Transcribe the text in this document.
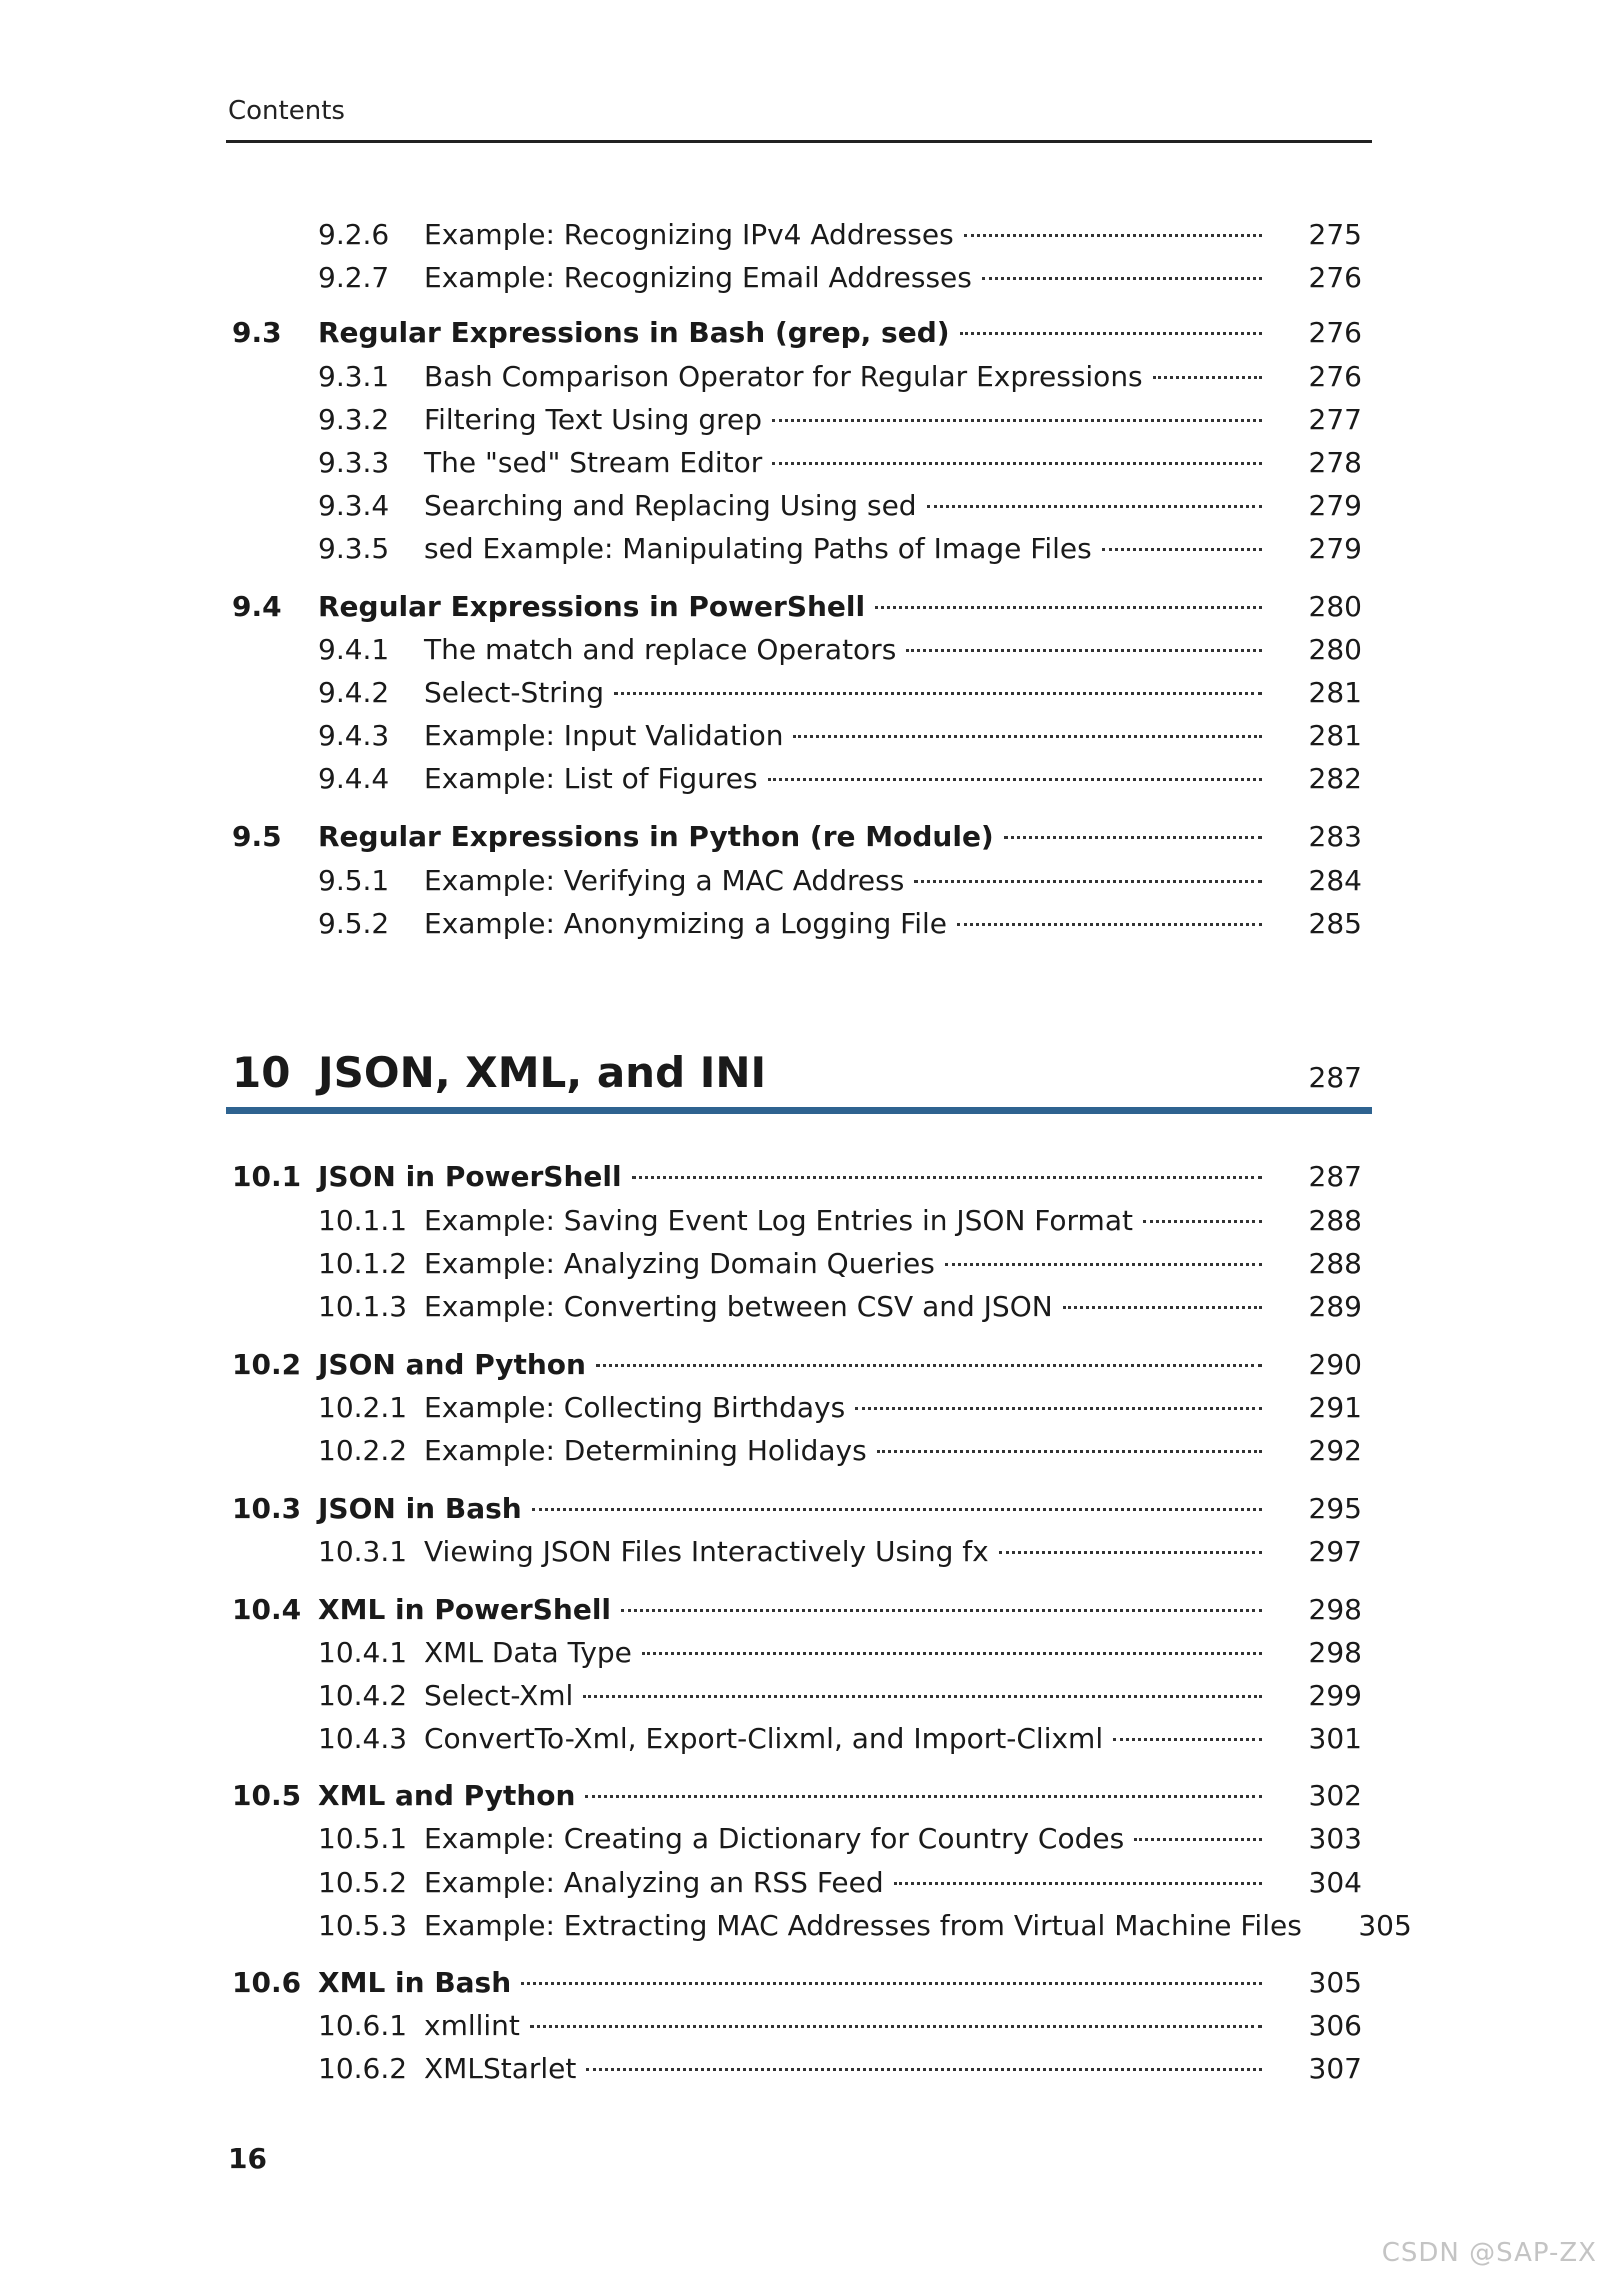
Contents
9.2.6	Example: Recognizing IPv4 Addresses	275
9.2.7	Example: Recognizing Email Addresses	276
9.3	Regular Expressions in Bash (grep, sed)	276
9.3.1	Bash Comparison Operator for Regular Expressions	276
9.3.2	Filtering Text Using grep	277
9.3.3	The "sed" Stream Editor	278
9.3.4	Searching and Replacing Using sed	279
9.3.5	sed Example: Manipulating Paths of Image Files	279
9.4	Regular Expressions in PowerShell	280
9.4.1	The match and replace Operators	280
9.4.2	Select-String	281
9.4.3	Example: Input Validation	281
9.4.4	Example: List of Figures	282
9.5	Regular Expressions in Python (re Module)	283
9.5.1	Example: Verifying a MAC Address	284
9.5.2	Example: Anonymizing a Logging File	285
10 JSON, XML, and INI	287
10.1 JSON in PowerShell	287
10.1.1 Example: Saving Event Log Entries in JSON Format	288
10.1.2 Example: Analyzing Domain Queries	288
10.1.3 Example: Converting between CSV and JSON	289
10.2 JSON and Python	290
10.2.1 Example: Collecting Birthdays	291
10.2.2 Example: Determining Holidays	292
10.3 JSON in Bash	295
10.3.1 Viewing JSON Files Interactively Using fx	297
10.4 XML in PowerShell	298
10.4.1 XML Data Type	298
10.4.2 Select-Xml	299
10.4.3 ConvertTo-Xml, Export-Clixml, and Import-Clixml	301
10.5 XML and Python	302
10.5.1 Example: Creating a Dictionary for Country Codes	303
10.5.2 Example: Analyzing an RSS Feed	304
10.5.3 Example: Extracting MAC Addresses from Virtual Machine Files 305
10.6 XML in Bash	305
10.6.1 xmllint	306
10.6.2 XMLStarlet	307
16
CSDN @SAP-ZX
